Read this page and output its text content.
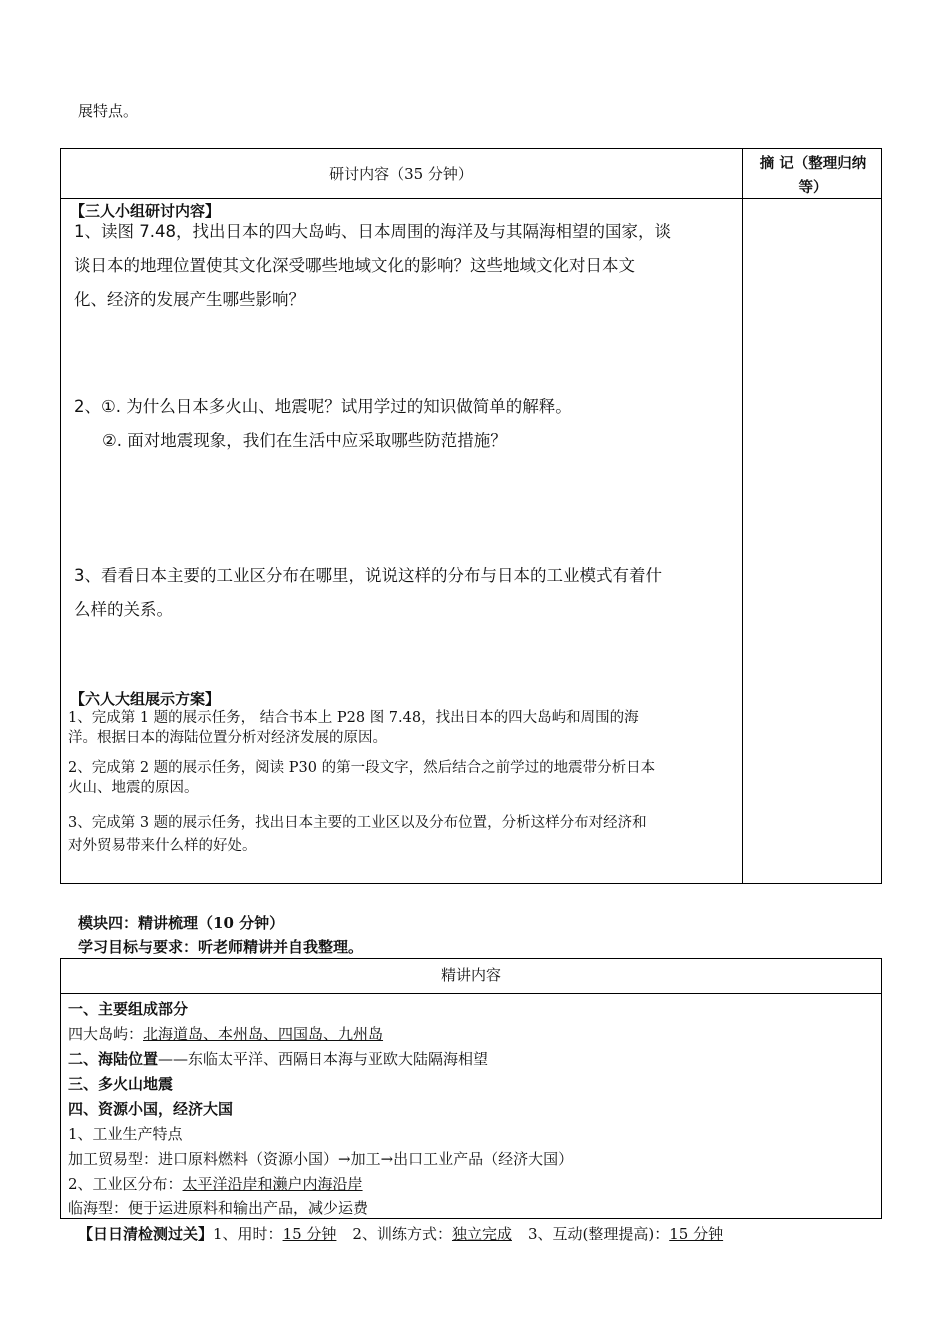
展特点。
研讨内容（35 分钟）
摘 记（整理归纳等）
【三人小组研讨内容】
1、读图 7.48，找出日本的四大岛屿、日本周围的海洋及与其隔海相望的国家，谈
谈日本的地理位置使其文化深受哪些地域文化的影响？这些地域文化对日本文
化、经济的发展产生哪些影响？
2、①. 为什么日本多火山、地震呢？试用学过的知识做简单的解释。
②. 面对地震现象，我们在生活中应采取哪些防范措施？
3、看看日本主要的工业区分布在哪里，说说这样的分布与日本的工业模式有着什
么样的关系。
【六人大组展示方案】
1、完成第 1 题的展示任务， 结合书本上 P28 图 7.48，找出日本的四大岛屿和周围的海
洋。根据日本的海陆位置分析对经济发展的原因。
2、完成第 2 题的展示任务，阅读 P30 的第一段文字，然后结合之前学过的地震带分析日本
火山、地震的原因。
3、完成第 3 题的展示任务，找出日本主要的工业区以及分布位置，分析这样分布对经济和
对外贸易带来什么样的好处。
模块四：精讲梳理（10 分钟）
学习目标与要求：听老师精讲并自我整理。
精讲内容
一、主要组成部分
四大岛屿：北海道岛、本州岛、四国岛、九州岛
二、海陆位置——东临太平洋、西隔日本海与亚欧大陆隔海相望
三、多火山地震
四、资源小国，经济大国
1、工业生产特点
加工贸易型：进口原料燃料（资源小国）→加工→出口工业产品（经济大国）
2、工业区分布：太平洋沿岸和濑户内海沿岸
临海型：便于运进原料和输出产品，减少运费
【日日清检测过关】1、用时：15 分钟 2、训练方式：独立完成 3、互动(整理提高)：15 分钟
